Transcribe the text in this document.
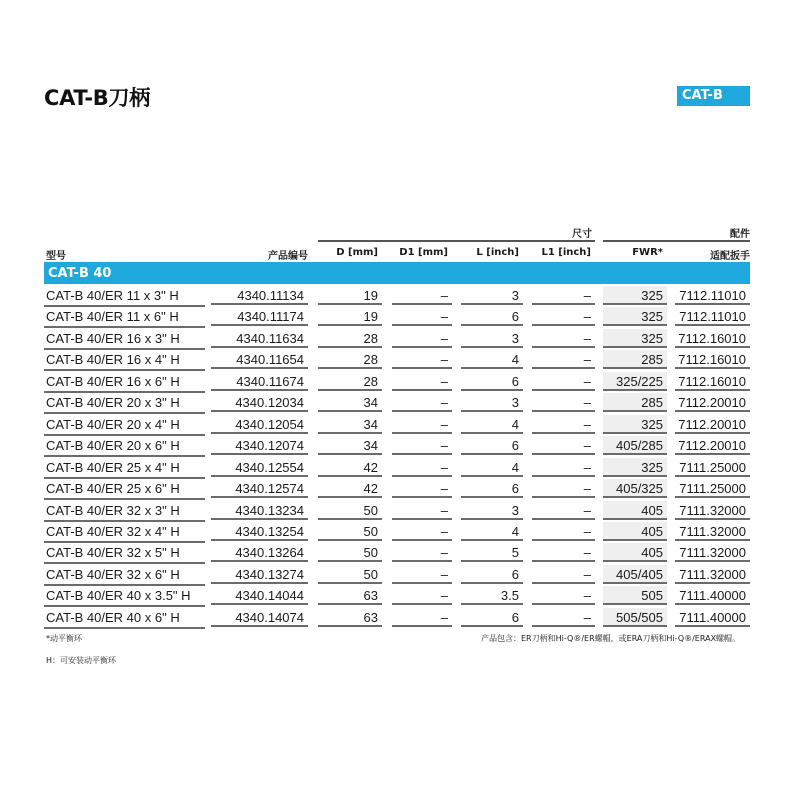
CAT-B刀柄	CAT-B
尺寸	配件
型号	产品编号	D [mm]	D1 [mm]	L [inch]	L1 [inch]	FWR*	适配扳手
CAT-B 40
CAT-B 40/ER 11 x 3" H	4340.11134	19	–	3	–	325	7112.11010
CAT-B 40/ER 11 x 6" H	4340.11174	19	–	6	–	325	7112.11010
CAT-B 40/ER 16 x 3" H	4340.11634	28	–	3	–	325	7112.16010
CAT-B 40/ER 16 x 4" H	4340.11654	28	–	4	–	285	7112.16010
CAT-B 40/ER 16 x 6" H	4340.11674	28	–	6	–	325/225	7112.16010
CAT-B 40/ER 20 x 3" H	4340.12034	34	–	3	–	285	7112.20010
CAT-B 40/ER 20 x 4" H	4340.12054	34	–	4	–	325	7112.20010
CAT-B 40/ER 20 x 6" H	4340.12074	34	–	6	–	405/285	7112.20010
CAT-B 40/ER 25 x 4" H	4340.12554	42	–	4	–	325	7111.25000
CAT-B 40/ER 25 x 6" H	4340.12574	42	–	6	–	405/325	7111.25000
CAT-B 40/ER 32 x 3" H	4340.13234	50	–	3	–	405	7111.32000
CAT-B 40/ER 32 x 4" H	4340.13254	50	–	4	–	405	7111.32000
CAT-B 40/ER 32 x 5" H	4340.13264	50	–	5	–	405	7111.32000
CAT-B 40/ER 32 x 6" H	4340.13274	50	–	6	–	405/405	7111.32000
CAT-B 40/ER 40 x 3.5" H	4340.14044	63	–	3.5	–	505	7111.40000
CAT-B 40/ER 40 x 6" H	4340.14074	63	–	6	–	505/505	7111.40000
*动平衡环
H：可安装动平衡环
产品包含：ER刀柄和Hi-Q®/ER螺帽，或ERA刀柄和Hi-Q®/ERAX螺帽。
